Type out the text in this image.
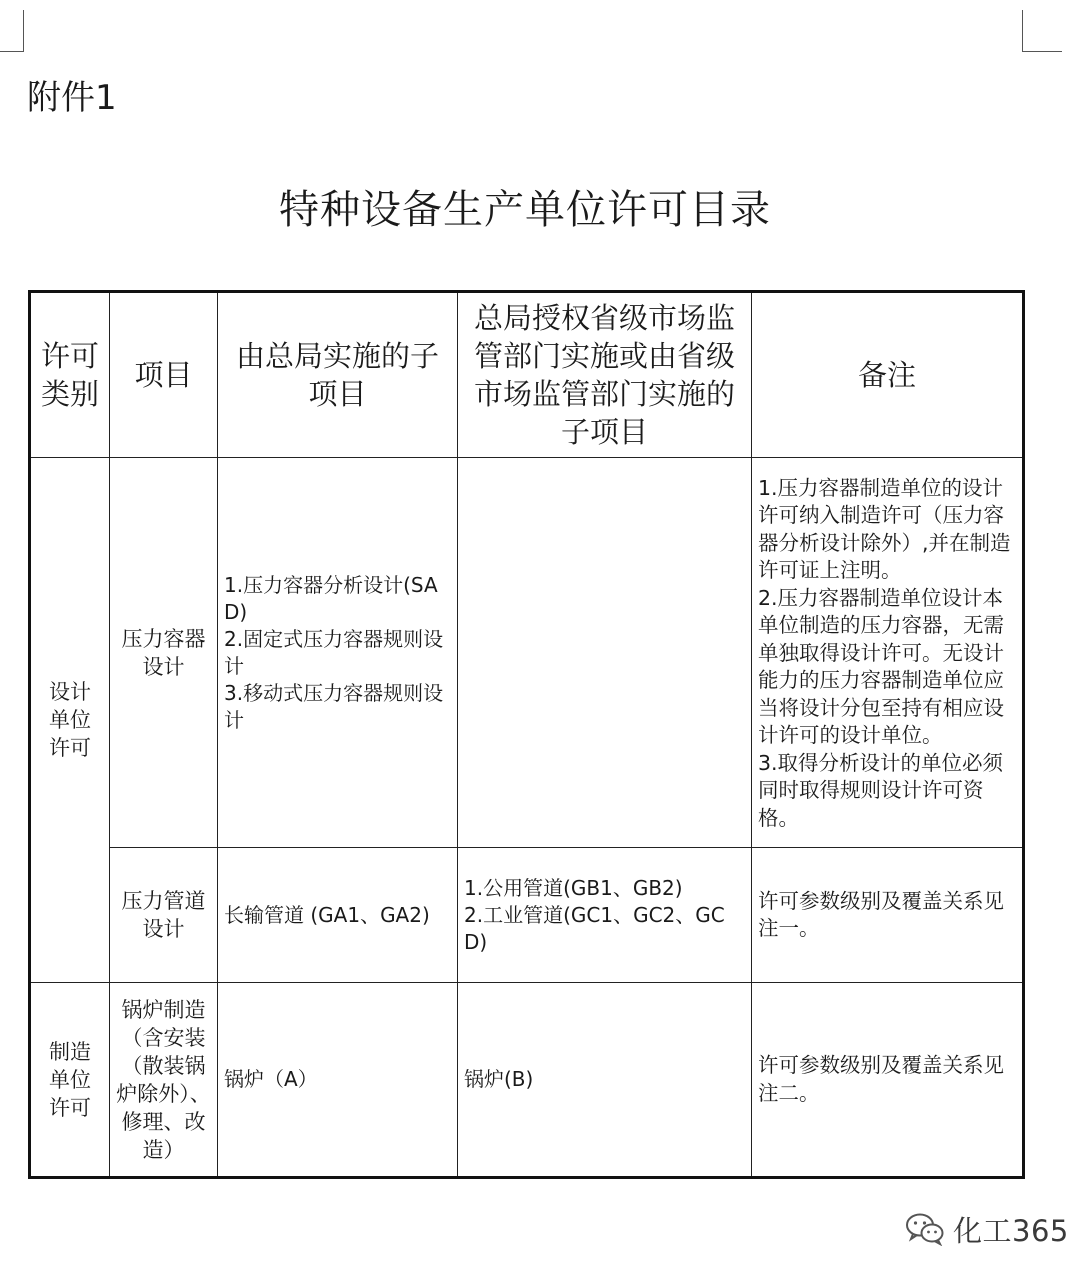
附件1
特种设备生产单位许可目录
许可类别	项目	由总局实施的子项目	总局授权省级市场监管部门实施或由省级市场监管部门实施的子项目	备注
设计单位许可	压力容器设计	1.压力容器分析设计(SAD)
2.固定式压力容器规则设计
3.移动式压力容器规则设计		1.压力容器制造单位的设计许可纳入制造许可（压力容器分析设计除外）,并在制造许可证上注明。
2.压力容器制造单位设计本单位制造的压力容器，无需单独取得设计许可。无设计能力的压力容器制造单位应当将设计分包至持有相应设计许可的设计单位。
3.取得分析设计的单位必须同时取得规则设计许可资格。

	压力管道设计	长输管道 (GA1、GA2)	1.公用管道(GB1、GB2)
2.工业管道(GC1、GC2、GCD)	许可参数级别及覆盖关系见注一。

制造单位许可	锅炉制造（含安装（散装锅炉除外）、修理、改造）	锅炉（A）	锅炉(B)	许可参数级别及覆盖关系见注二。
化工365
